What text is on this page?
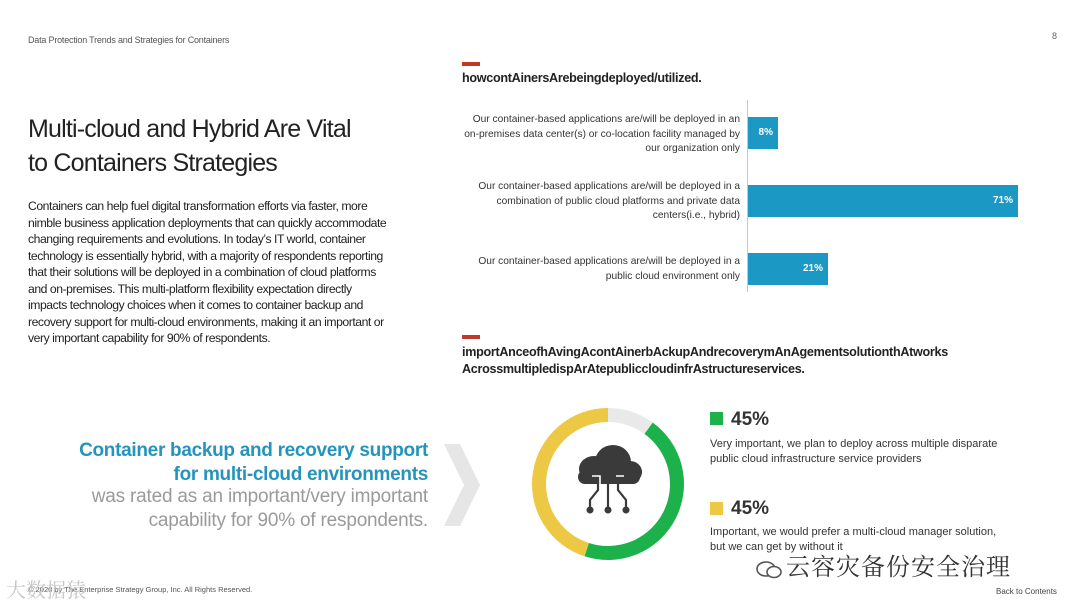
Data Protection Trends and Strategies for Containers	8
Multi-cloud and Hybrid Are Vital
to Containers Strategies
Containers can help fuel digital transformation efforts via faster, more nimble business application deployments that can quickly accommodate changing requirements and evolutions. In today’s IT world, container technology is essentially hybrid, with a majority of respondents reporting that their solutions will be deployed in a combination of cloud platforms and on-premises. This multi-platform flexibility expectation directly impacts technology choices when it comes to container backup and recovery support for multi-cloud environments, making it an important or very important capability for 90% of respondents.
howcontAinersArebeingdeployed/utilized.
Our container-based applications are/will be deployed in an on-premises data center(s) or co-location facility managed by our organization only
8%
Our container-based applications are/will be deployed in a combination of public cloud platforms and private data centers(i.e., hybrid)
71%
Our container-based applications are/will be deployed in a public cloud environment only
21%
importAnceofhAvingAcontAinerbAckupAndrecoverymAnAgementsolutionthAtworks
AcrossmultipledispArAtepubliccloudinfrAstructureservices.
45%
Very important, we plan to deploy across multiple disparate public cloud infrastructure service providers
45%
Important, we would prefer a multi-cloud manager solution, but we can get by without it
Container backup and recovery support
for multi-cloud environments
was rated as an important/very important
capability for 90% of respondents.
© 2020 by The Enterprise Strategy Group, Inc. All Rights Reserved.	Back to Contents
云容灾备份安全治理
大数据猿
